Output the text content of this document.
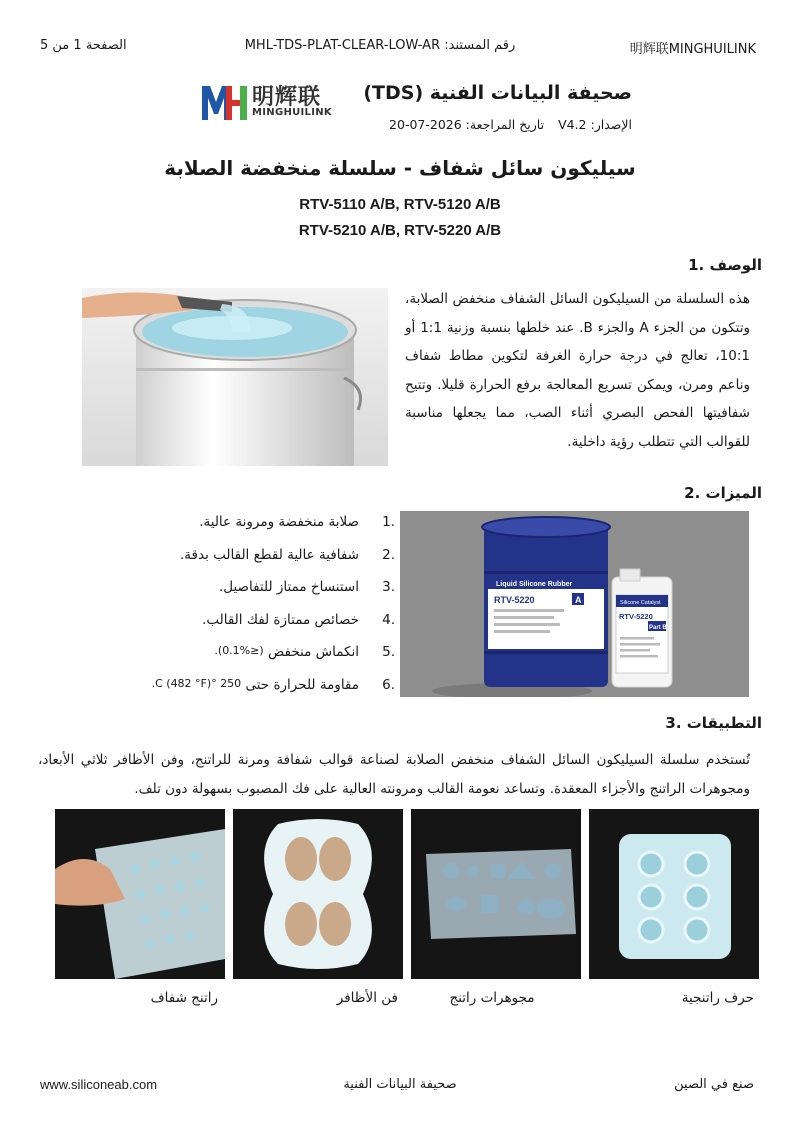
明辉联MINGHUILINK
رقم المستند: MHL-TDS-PLAT-CLEAR-LOW-AR
الصفحة 1 من 5
明辉联
MINGHUILINK
صحيفة البيانات الفنية (TDS)
الإصدار: V4.2تاريخ المراجعة: 2026-07-20
سيليكون سائل شفاف - سلسلة منخفضة الصلابة
RTV-5110 A/B, RTV-5120 A/B
RTV-5210 A/B, RTV-5220 A/B
الوصف .1
هذه السلسلة من السيليكون السائل الشفاف منخفض الصلابة، وتتكون من الجزء A والجزء B. عند خلطها بنسبة وزنية 1:1 أو 10:1، تعالج في درجة حرارة الغرفة لتكوين مطاط شفاف وناعم ومرن، ويمكن تسريع المعالجة برفع الحرارة قليلا. وتتيح شفافيتها الفحص البصري أثناء الصب، مما يجعلها مناسبة للقوالب التي تتطلب رؤية داخلية.
الميزات .2
.1
صلابة منخفضة ومرونة عالية.
.2
شفافية عالية لقطع القالب بدقة.
.3
استنساخ ممتاز للتفاصيل.
.4
خصائص ممتازة لفك القالب.
.5
انكماش منخفض

(≤0.1%).
.6
مقاومة للحرارة حتى

250 °C (482 °F).
Liquid Silicone Rubber
RTV-5220	A	Silicone Catalyst
RTV-5220
Part B
التطبيقات .3
تُستخدم سلسلة السيليكون السائل الشفاف منخفض الصلابة لصناعة قوالب شفافة ومرنة للراتنج، وفن الأظافر ثلاثي الأبعاد، ومجوهرات الراتنج والأجزاء المعقدة. وتساعد نعومة القالب ومرونته العالية على فك المصبوب بسهولة دون تلف.
حرف راتنجية
مجوهرات راتنج
فن الأظافر
راتنج شفاف
صنع في الصين
صحيفة البيانات الفنية
www.siliconeab.com
